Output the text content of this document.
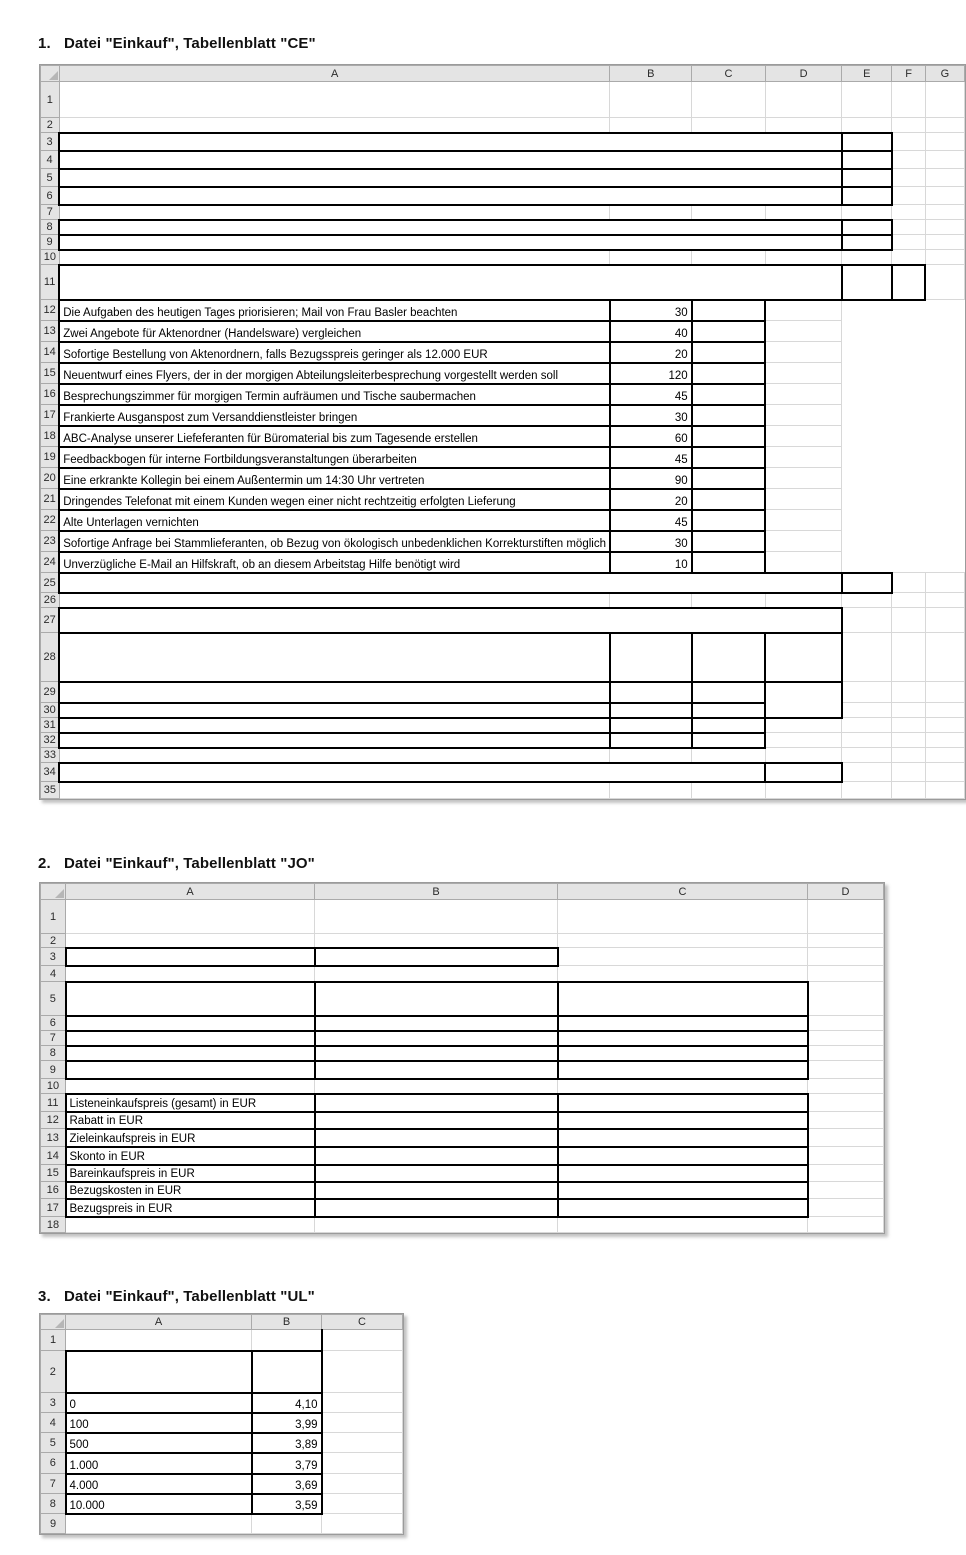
1. Datei "Einkauf", Tabellenblatt "CE"
	A	B	C	D	E	F	G
1							
2							
3							
4							
5							
6							
7							
8							
9							
10							
11							
12	Die Aufgaben des heutigen Tages priorisieren; Mail von Frau Basler beachten	30					
13	Zwei Angebote für Aktenordner (Handelsware) vergleichen	40					
14	Sofortige Bestellung von Aktenordnern, falls Bezugsspreis geringer als 12.000 EUR	20					
15	Neuentwurf eines Flyers, der in der morgigen Abteilungsleiterbesprechung vorgestellt werden soll	120					
16	Besprechungszimmer für morgigen Termin aufräumen und Tische saubermachen	45					
17	Frankierte Ausganspost zum Versanddienstleister bringen	30					
18	ABC-Analyse unserer Liefeferanten für Büromaterial bis zum Tagesende erstellen	60					
19	Feedbackbogen für interne Fortbildungsveranstaltungen überarbeiten	45					
20	Eine erkrankte Kollegin bei einem Außentermin um 14:30 Uhr vertreten	90					
21	Dringendes Telefonat mit einem Kunden wegen einer nicht rechtzeitig erfolgten Lieferung	20					
22	Alte Unterlagen vernichten	45					
23	Sofortige Anfrage bei Stammlieferanten, ob Bezug von ökologisch unbedenklichen Korrekturstiften möglich	30					
24	Unverzügliche E-Mail an Hilfskraft, ob an diesem Arbeitstag Hilfe benötigt wird	10					
25							
26							
27							
28							
29							
30							
31							
32							
33							
34							
35							
2. Datei "Einkauf", Tabellenblatt "JO"
	A	B	C	D
1				
2				
3				
4				
5				
6				
7				
8				
9				
10				
11	Listeneinkaufspreis (gesamt) in EUR			
12	Rabatt in EUR			
13	Zieleinkaufspreis in EUR			
14	Skonto in EUR			
15	Bareinkaufspreis in EUR			
16	Bezugskosten in EUR			
17	Bezugspreis in EUR			
18				
3. Datei "Einkauf", Tabellenblatt "UL"
	A	B	C
1			
2			
3	0	4,10	
4	100	3,99	
5	500	3,89	
6	1.000	3,79	
7	4.000	3,69	
8	10.000	3,59	
9			
